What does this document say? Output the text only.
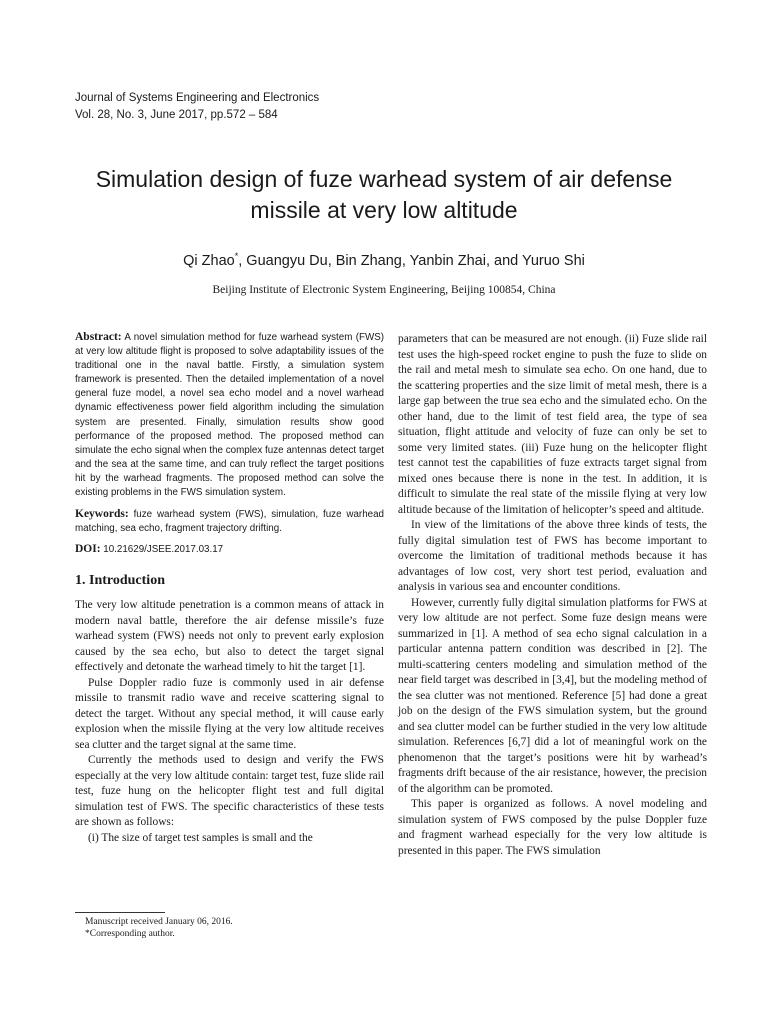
Journal of Systems Engineering and Electronics
Vol. 28, No. 3, June 2017, pp.572 – 584
Simulation design of fuze warhead system of air defense
missile at very low altitude
Qi Zhao*, Guangyu Du, Bin Zhang, Yanbin Zhai, and Yuruo Shi
Beijing Institute of Electronic System Engineering, Beijing 100854, China

Abstract: A novel simulation method for fuze warhead system (FWS) at very low altitude flight is proposed to solve adaptability issues of the traditional one in the naval battle. Firstly, a simulation system framework is presented. Then the detailed implementation of a novel general fuze model, a novel sea echo model and a novel warhead dynamic effectiveness power field algorithm including the simulation system are presented. Finally, simulation results show good performance of the proposed method. The proposed method can simulate the echo signal when the complex fuze antennas detect target and the sea at the same time, and can truly reflect the target positions hit by the warhead fragments. The proposed method can solve the existing problems in the FWS simulation system.

Keywords: fuze warhead system (FWS), simulation, fuze warhead matching, sea echo, fragment trajectory drifting.

DOI: 10.21629/JSEE.2017.03.17

1. Introduction

The very low altitude penetration is a common means of attack in modern naval battle, therefore the air defense missile’s fuze warhead system (FWS) needs not only to prevent early explosion caused by the sea echo, but also to detect the target signal effectively and detonate the warhead timely to hit the target [1].

Pulse Doppler radio fuze is commonly used in air defense missile to transmit radio wave and receive scattering signal to detect the target. Without any special method, it will cause early explosion when the missile flying at the very low altitude receives sea clutter and the target signal at the same time.

Currently the methods used to design and verify the FWS especially at the very low altitude contain: target test, fuze slide rail test, fuze hung on the helicopter flight test and full digital simulation test of FWS. The specific characteristics of these tests are shown as follows:

(i) The size of target test samples is small and the

parameters that can be measured are not enough. (ii) Fuze slide rail test uses the high-speed rocket engine to push the fuze to slide on the rail and metal mesh to simulate sea echo. On one hand, due to the scattering properties and the size limit of metal mesh, there is a large gap between the true sea echo and the simulated echo. On the other hand, due to the limit of test field area, the type of sea situation, flight attitude and velocity of fuze can only be set to some very limited states. (iii) Fuze hung on the helicopter flight test cannot test the capabilities of fuze extracts target signal from mixed ones because there is none in the test. In addition, it is difficult to simulate the real state of the missile flying at very low altitude because of the limitation of helicopter’s speed and altitude.

In view of the limitations of the above three kinds of tests, the fully digital simulation test of FWS has become important to overcome the limitation of traditional methods because it has advantages of low cost, very short test period, evaluation and analysis in various sea and encounter conditions.

However, currently fully digital simulation platforms for FWS at very low altitude are not perfect. Some fuze design means were summarized in [1]. A method of sea echo signal calculation in a particular antenna pattern condition was described in [2]. The multi-scattering centers modeling and simulation method of the near field target was described in [3,4], but the modeling method of the sea clutter was not mentioned. Reference [5] had done a great job on the design of the FWS simulation system, but the ground and sea clutter model can be further studied in the very low altitude simulation. References [6,7] did a lot of meaningful work on the phenomenon that the target’s positions were hit by warhead’s fragments drift because of the air resistance, however, the precision of the algorithm can be promoted.

This paper is organized as follows. A novel modeling and simulation system of FWS composed by the pulse Doppler fuze and fragment warhead especially for the very low altitude is presented in this paper. The FWS simulation

Manuscript received January 06, 2016.
*Corresponding author.
